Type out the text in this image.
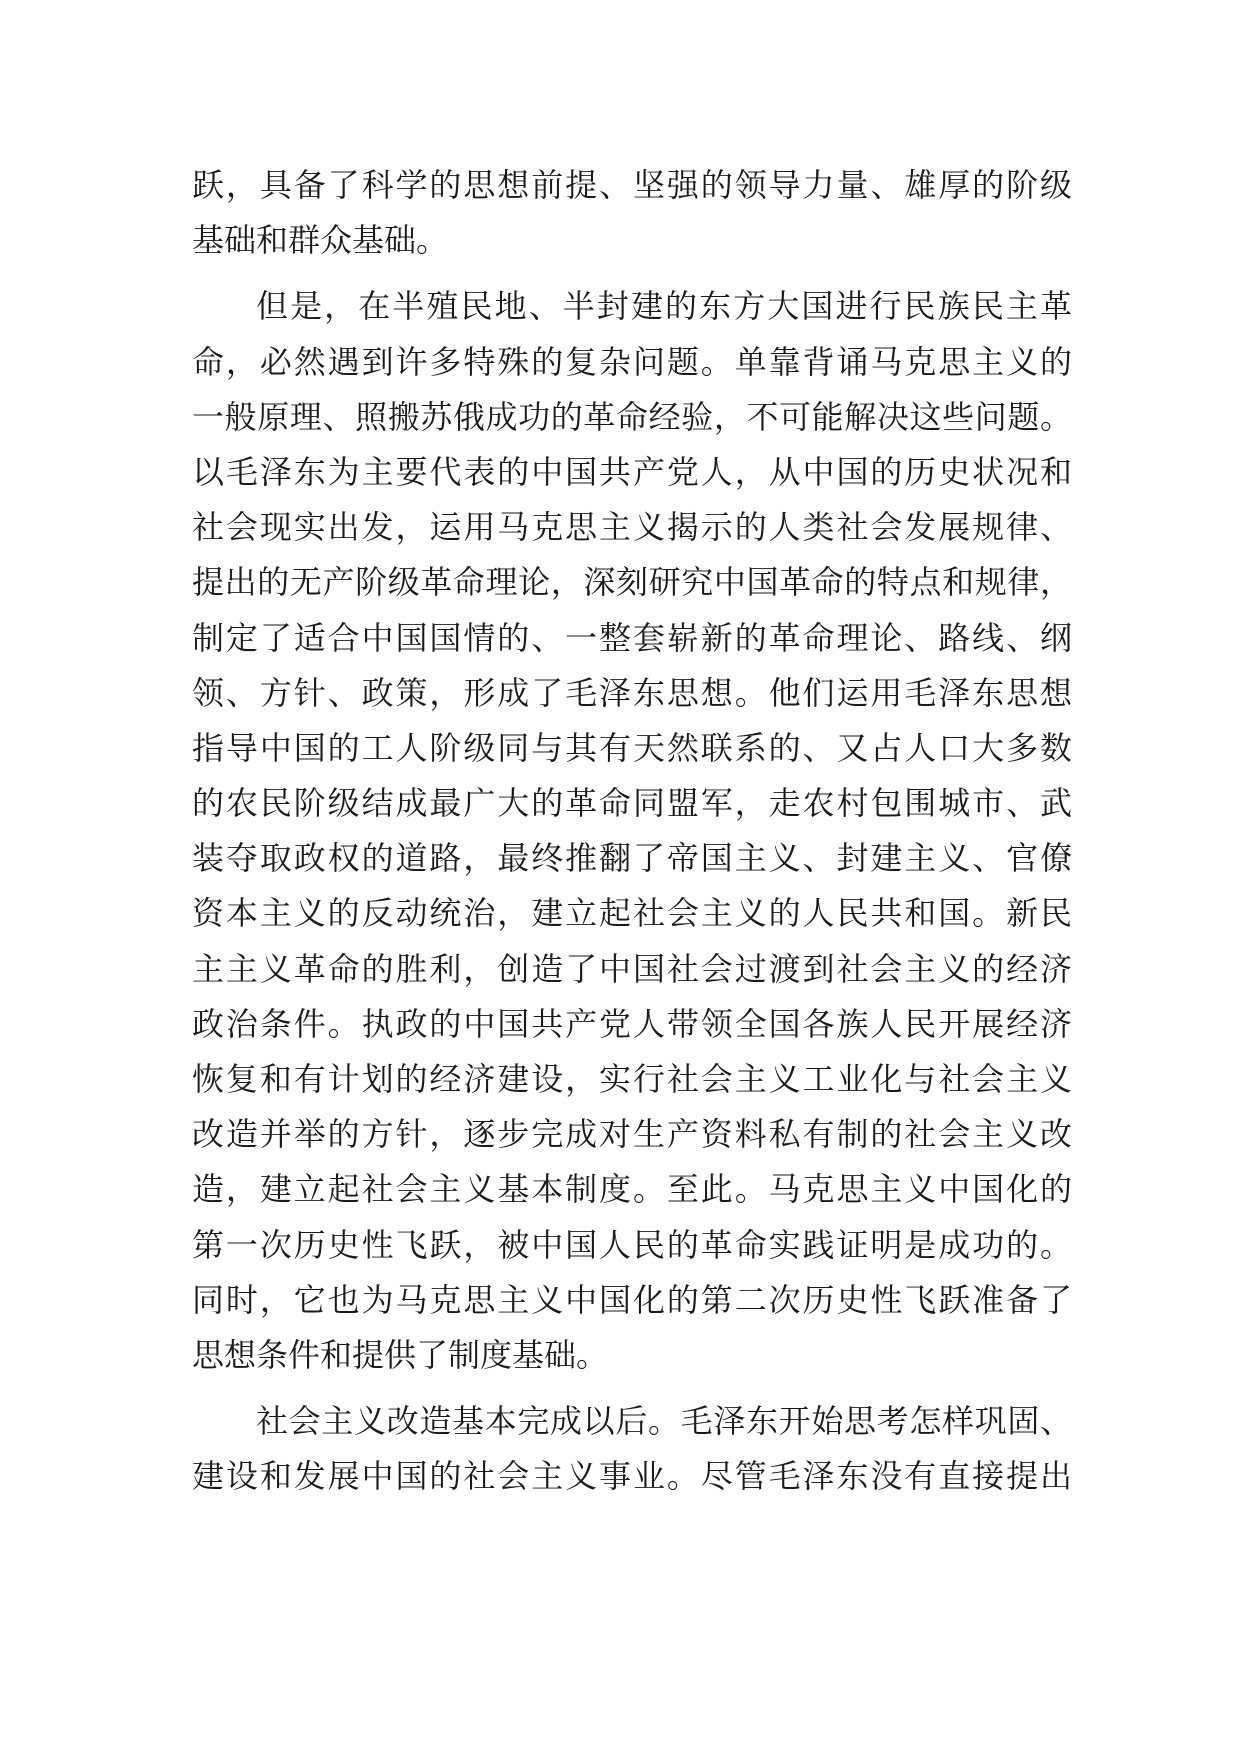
跃，具备了科学的思想前提、坚强的领导力量、雄厚的阶级
基础和群众基础。
但是，在半殖民地、半封建的东方大国进行民族民主革
命，必然遇到许多特殊的复杂问题。单靠背诵马克思主义的
一般原理、照搬苏俄成功的革命经验，不可能解决这些问题。
以毛泽东为主要代表的中国共产党人，从中国的历史状况和
社会现实出发，运用马克思主义揭示的人类社会发展规律、
提出的无产阶级革命理论，深刻研究中国革命的特点和规律，
制定了适合中国国情的、一整套崭新的革命理论、路线、纲
领、方针、政策，形成了毛泽东思想。他们运用毛泽东思想
指导中国的工人阶级同与其有天然联系的、又占人口大多数
的农民阶级结成最广大的革命同盟军，走农村包围城市、武
装夺取政权的道路，最终推翻了帝国主义、封建主义、官僚
资本主义的反动统治，建立起社会主义的人民共和国。新民
主主义革命的胜利，创造了中国社会过渡到社会主义的经济
政治条件。执政的中国共产党人带领全国各族人民开展经济
恢复和有计划的经济建设，实行社会主义工业化与社会主义
改造并举的方针，逐步完成对生产资料私有制的社会主义改
造，建立起社会主义基本制度。至此。马克思主义中国化的
第一次历史性飞跃，被中国人民的革命实践证明是成功的。
同时，它也为马克思主义中国化的第二次历史性飞跃准备了
思想条件和提供了制度基础。
社会主义改造基本完成以后。毛泽东开始思考怎样巩固、
建设和发展中国的社会主义事业。尽管毛泽东没有直接提出
